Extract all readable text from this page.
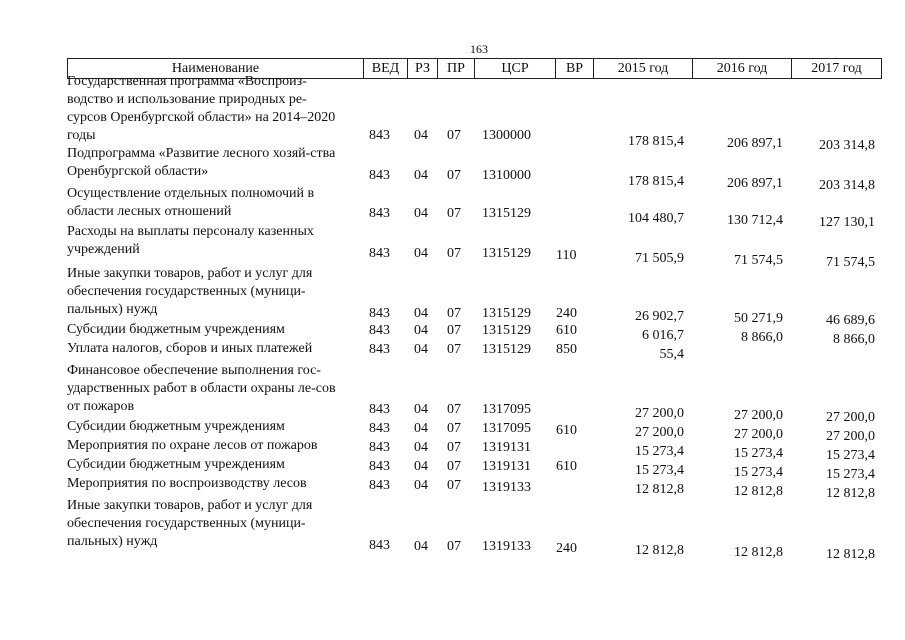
163
Наименование	ВЕД	РЗ	ПР	ЦСР	ВР	2015 год	2016 год	2017 год
Государственная программа «Воспроиз-водство и использование природных ре-сурсов Оренбургской области» на 2014–2020 годы	843 04 07 1300000	178 815,4	206 897,1	203 314,8
Подпрограмма «Развитие лесного хозяй-ства Оренбургской области»	843 04 07 1310000	178 815,4	206 897,1	203 314,8
Осуществление отдельных полномочий в области лесных отношений	843 04 07 1315129	104 480,7	130 712,4	127 130,1
Расходы на выплаты персоналу казенных учреждений	843 04 07 1315129 110	71 505,9	71 574,5	71 574,5
Иные закупки товаров, работ и услуг для обеспечения государственных (муници-пальных) нужд	843 04 07 1315129 240	26 902,7	50 271,9	46 689,6
Субсидии бюджетным учреждениям	843 04 07 1315129 610	6 016,7	8 866,0	8 866,0
Уплата налогов, сборов и иных платежей	843 04 07 1315129 850	55,4
Финансовое обеспечение выполнения гос-ударственных работ в области охраны ле-сов от пожаров	843 04 07 1317095	27 200,0	27 200,0	27 200,0
Субсидии бюджетным учреждениям	843 04 07 1317095 610	27 200,0	27 200,0	27 200,0
Мероприятия по охране лесов от пожаров	843 04 07 1319131	15 273,4	15 273,4	15 273,4
Субсидии бюджетным учреждениям	843 04 07 1319131 610	15 273,4	15 273,4	15 273,4
Мероприятия по воспроизводству лесов	843 04 07 1319133	12 812,8	12 812,8	12 812,8
Иные закупки товаров, работ и услуг для обеспечения государственных (муници-пальных) нужд	843 04 07 1319133 240	12 812,8	12 812,8	12 812,8
